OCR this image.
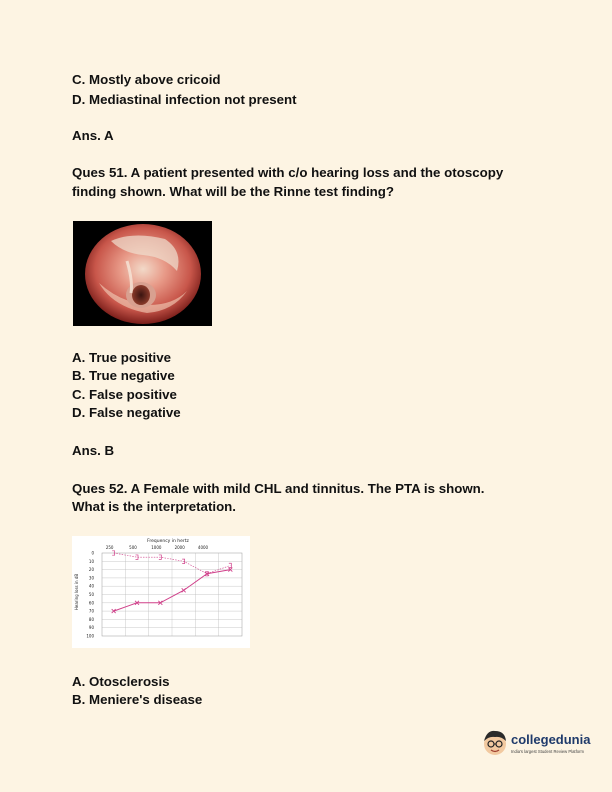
C. Mostly above cricoid
D. Mediastinal infection not present
Ans. A
Ques 51. A patient presented with c/o hearing loss and the otoscopy
finding shown. What will be the Rinne test finding?
A. True positive
B. True negative
C. False positive
D. False negative
Ans. B
Ques 52. A Female with mild CHL and tinnitus. The PTA is shown.
What is the interpretation.
Frequency in hertz
Hearing loss in dB
250	500	1000	2000	4000
0
10
20
30
40
50
60
70
80
90
100
A. Otosclerosis
B. Meniere's disease
collegedunia
India's largest Student Review Platform
